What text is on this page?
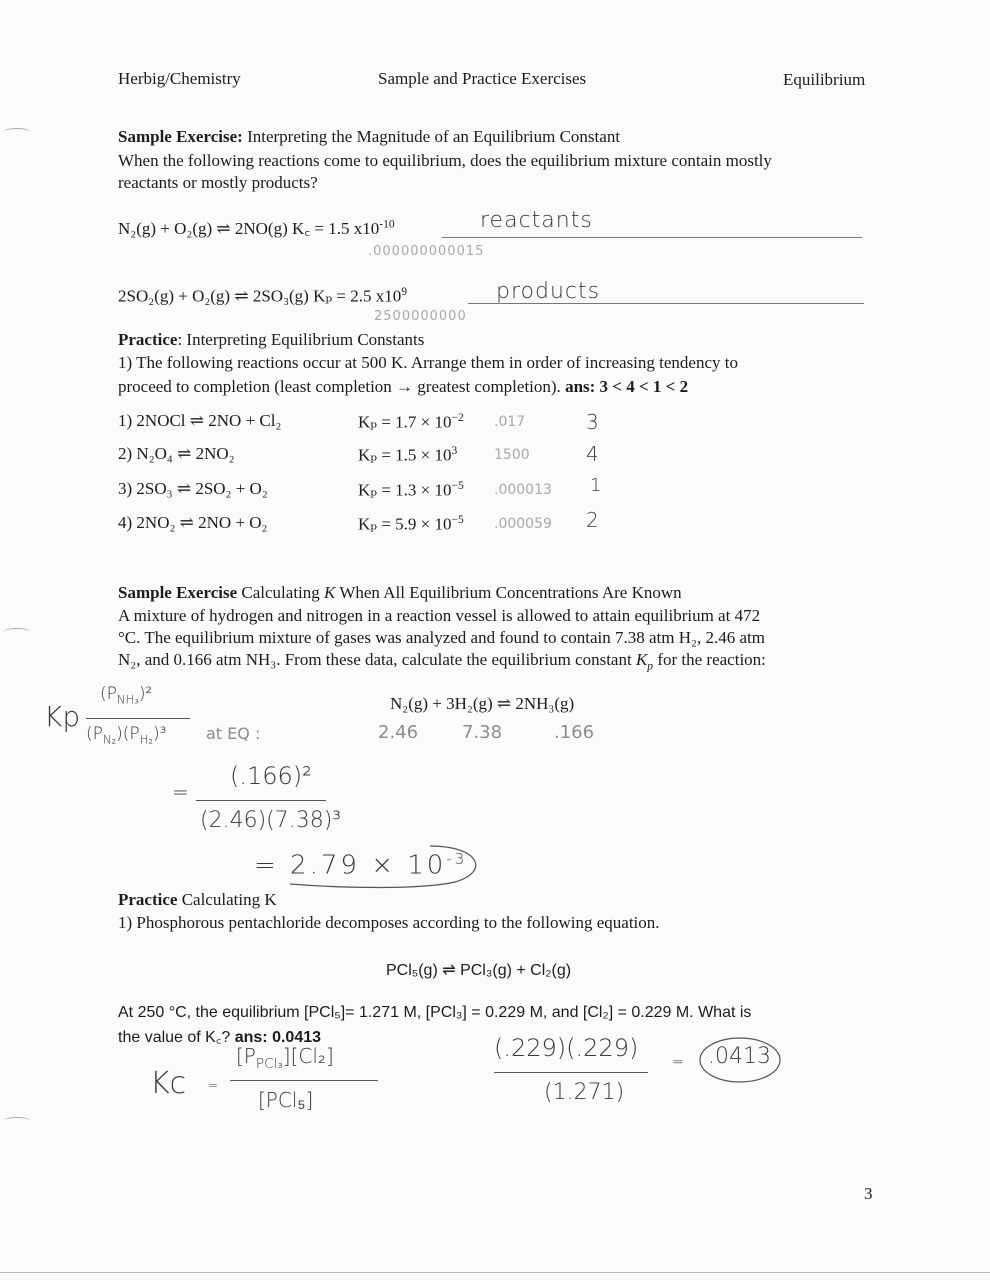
Herbig/Chemistry	Sample and Practice Exercises	Equilibrium
Sample Exercise: Interpreting the Magnitude of an Equilibrium Constant
When the following reactions come to equilibrium, does the equilibrium mixture contain mostly
reactants or mostly products?
N₂(g) + O₂(g) ⇌ 2NO(g) K꜀ = 1.5 $x10^{-10}$	reactants
.000000000015
2SO₂(g) + O₂(g) ⇌ 2SO₃(g) Kₚ = 2.5 $x10^9$	products
2500000000
Practice: Interpreting Equilibrium Constants
1) The following reactions occur at 500 K. Arrange them in order of increasing tendency to
proceed to completion (least completion → greatest completion). ans: 3 < 4 < 1 < 2
1) 2NOCl ⇌ 2NO + Cl₂	$K_p = 1.7 \times 10^{-2}$ .017	3
2) N₂O₄ ⇌ 2NO₂	$K_p = 1.5 \times 10^3$	1500	4
3) 2SO₃ ⇌ 2SO₂ + O₂	$K_p = 1.3 \times 10^{-5}$ .000013 1
4) 2NO₂ ⇌ 2NO + O₂	$K_p = 5.9 \times 10^{-5}$ .000059 2
Sample Exercise Calculating K When All Equilibrium Concentrations Are Known
A mixture of hydrogen and nitrogen in a reaction vessel is allowed to attain equilibrium at 472
°C. The equilibrium mixture of gases was analyzed and found to contain 7.38 atm H₂, 2.46 atm
N₂, and 0.166 atm NH₃. From these data, calculate the equilibrium constant $K_p$ for the reaction:
N₂(g) + 3H₂(g) ⇌ 2NH₃(g)
2.46 7.38	.166
Kp
$(P_{NH_3})^2$
$(P_{N_2})(P_{H_2})^3$ at EQ :
=
(.166)²
(2.46)(7.38)³
= $2.79 \times 10^{-3}$
Practice Calculating K
1) Phosphorous pentachloride decomposes according to the following equation.
PCl₅(g) ⇌ PCl₃(g) + Cl₂(g)
At 250 °C, the equilibrium [PCl₅]= 1.271 M, [PCl₃] = 0.229 M, and [Cl₂] = 0.229 M. What is
the value of K꜀? ans: 0.0413
Kc =
$[P_{PCl_3}][Cl_2]$
[PCl₅]
(.229)(.229)
(1.271)
= .0413
3
